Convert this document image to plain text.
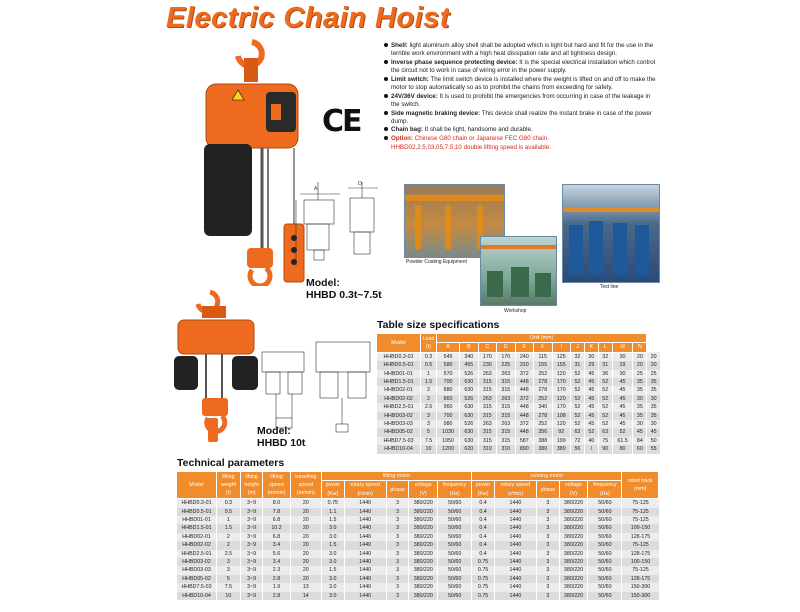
Electric Chain Hoist
CE
Shell: light aluminum alloy shell shall be adopted which is light but hard and fit for the use in the terrible work environment with a high heat dissipation rate and all tightness design.
Inverse phase sequence protecting device: It is the special electrical installation which control the circuit not to work in case of wiring error in the power supply.
Limit switch: The limit switch device is installed where the weight is lifted on and off to make the motor to stop automatically so as to prohibit the chains from exceeding for safety.
24V/36V device: It is used to prohibit the emergencies from occurring in case of the leakage in the switch.
Side magnetic braking device: This device shall realize the instant brake in case of the power dump.
Chain bag: It shall be light, handsome and durable.
Option: Chinese G80 chain or Japanese FEC G80 chain.
HHBD02,2.5,03,05,7.5,10 double lifting speed is available.
A
D
Model:
HHBD 0.3t~7.5t
Powder Coating Equipment
Workshop
Test line
Model:
HHBD 10t
Table size specifications
Model	Load
(t)	Unit (mm)												
		A	B	C	D	E	F	I	J	K	L	M	N	
HHBD0.3-01	0.3	545	340	170	170	240	115	125	32	30	32	30	20	20
HHBD0.5-01	0.5	580	455	230	225	310	155	155	31	29	31	29	20	20
HHBD01-01	1	570	526	263	263	372	252	120	52	45	36	30	25	25
HHBD1.5-01	1.5	700	630	315	315	448	278	170	52	45	52	45	35	35
HHBD02-01	2	880	630	315	315	448	278	170	52	45	52	45	35	35
HHBD02-02	2	860	526	263	263	372	252	120	52	45	52	45	30	30
HHBD2.5-01	2.5	960	630	315	315	448	340	170	52	45	52	45	35	35
HHBD03-02	3	700	630	315	315	448	278	108	52	45	52	45	35	35
HHBD03-03	3	980	526	263	263	372	252	120	52	45	52	45	30	30
HHBD05-02	5	1030	630	315	315	448	356	92	63	52	63	52	45	45
HHBD7.5-03	7.5	1050	630	315	315	587	388	199	72	40	75	61.5	84	50
HHBD10-04	10	1200	620	310	310	890	380	380	56	/	90	80	60	55
Technical parameters
Model	lifting
weight
(t)	lifting
height
(m)	lifting
speed
(m/min)	travelling
speed
(m/min)	lifting motor					running motor					robot track
(mm)
					power
(Kw)	rotary speed
(r/min)	phase	voltage
(V)	frequency
(Hz)	power
(Kw)	rotary speed
(r/min)	phase	voltage
(V)	frequency
(Hz)	
HHBD0.3-01	0.3	3~9	8.0	20	0.75	1440	3	380/220	50/60	0.4	1440	3	380/220	50/60	75-125
HHBD0.5-01	0.5	3~9	7.8	20	1.1	1440	3	380/220	50/60	0.4	1440	3	380/220	50/60	75-125
HHBD01-01	1	3~9	6.8	20	1.5	1440	3	380/220	50/60	0.4	1440	3	380/220	50/60	75-125
HHBD1.5-01	1.5	3~9	10.2	20	3.0	1440	3	380/220	50/60	0.4	1440	3	380/220	50/60	100-150
HHBD02-01	2	3~9	6.8	20	3.0	1440	3	380/220	50/60	0.4	1440	3	380/220	50/60	128-175
HHBD02-02	2	3~9	3.4	20	1.5	1440	3	380/220	50/60	0.4	1440	3	380/220	50/60	75-125
HHBD2.5-01	2.5	3~9	5.6	20	3.0	1440	3	380/220	50/60	0.4	1440	3	380/220	50/60	128-175
HHBD03-02	3	3~9	3.4	20	3.0	1440	3	380/220	50/60	0.75	1440	3	380/220	50/60	100-150
HHBD03-03	3	3~9	2.3	20	1.5	1440	3	380/220	50/60	0.75	1440	3	380/220	50/60	75-125
HHBD05-02	5	3~9	2.8	20	3.0	1440	3	380/220	50/60	0.75	1440	3	380/220	50/60	128-175
HHBD7.5-03	7.5	3~9	1.9	13	3.0	1440	3	380/220	50/60	0.75	1440	3	380/220	50/60	150-300
HHBD10-04	10	3~9	2.8	14	3.0	1440	3	380/220	50/60	0.75	1440	3	380/220	50/60	150-300
